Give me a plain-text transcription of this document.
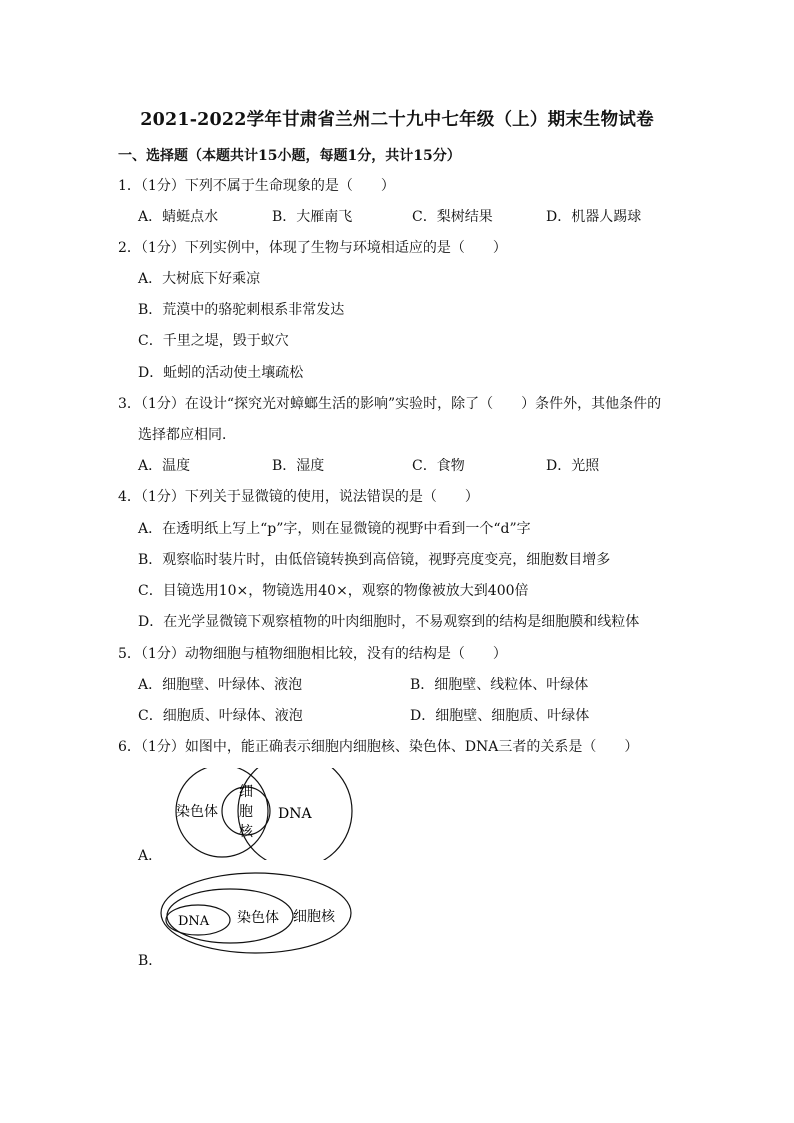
2021-2022学年甘肃省兰州二十九中七年级（上）期末生物试卷
一、选择题（本题共计15小题，每题1分，共计15分）
1．（1分）下列不属于生命现象的是（　　）
A．蜻蜓点水	B．大雁南飞	C．梨树结果	D．机器人踢球
2．（1分）下列实例中，体现了生物与环境相适应的是（　　）
A．大树底下好乘凉
B．荒漠中的骆驼刺根系非常发达
C．千里之堤，毁于蚁穴
D．蚯蚓的活动使土壤疏松
3．（1分）在设计“探究光对蟑螂生活的影响”实验时，除了（　　）条件外，其他条件的
选择都应相同．
A．温度	B．湿度	C．食物	D．光照
4．（1分）下列关于显微镜的使用，说法错误的是（　　）
A．在透明纸上写上“p”字，则在显微镜的视野中看到一个“d”字
B．观察临时装片时，由低倍镜转换到高倍镜，视野亮度变亮，细胞数目增多
C．目镜选用10×，物镜选用40×，观察的物像被放大到400倍
D．在光学显微镜下观察植物的叶肉细胞时，不易观察到的结构是细胞膜和线粒体
5．（1分）动物细胞与植物细胞相比较，没有的结构是（　　）
A．细胞壁、叶绿体、液泡	B．细胞壁、线粒体、叶绿体
C．细胞质、叶绿体、液泡	D．细胞壁、细胞质、叶绿体
6．（1分）如图中，能正确表示细胞内细胞核、染色体、DNA三者的关系是（　　）
染色体
细
胞
核
DNA
A．
DNA 染色体 细胞核
B．
